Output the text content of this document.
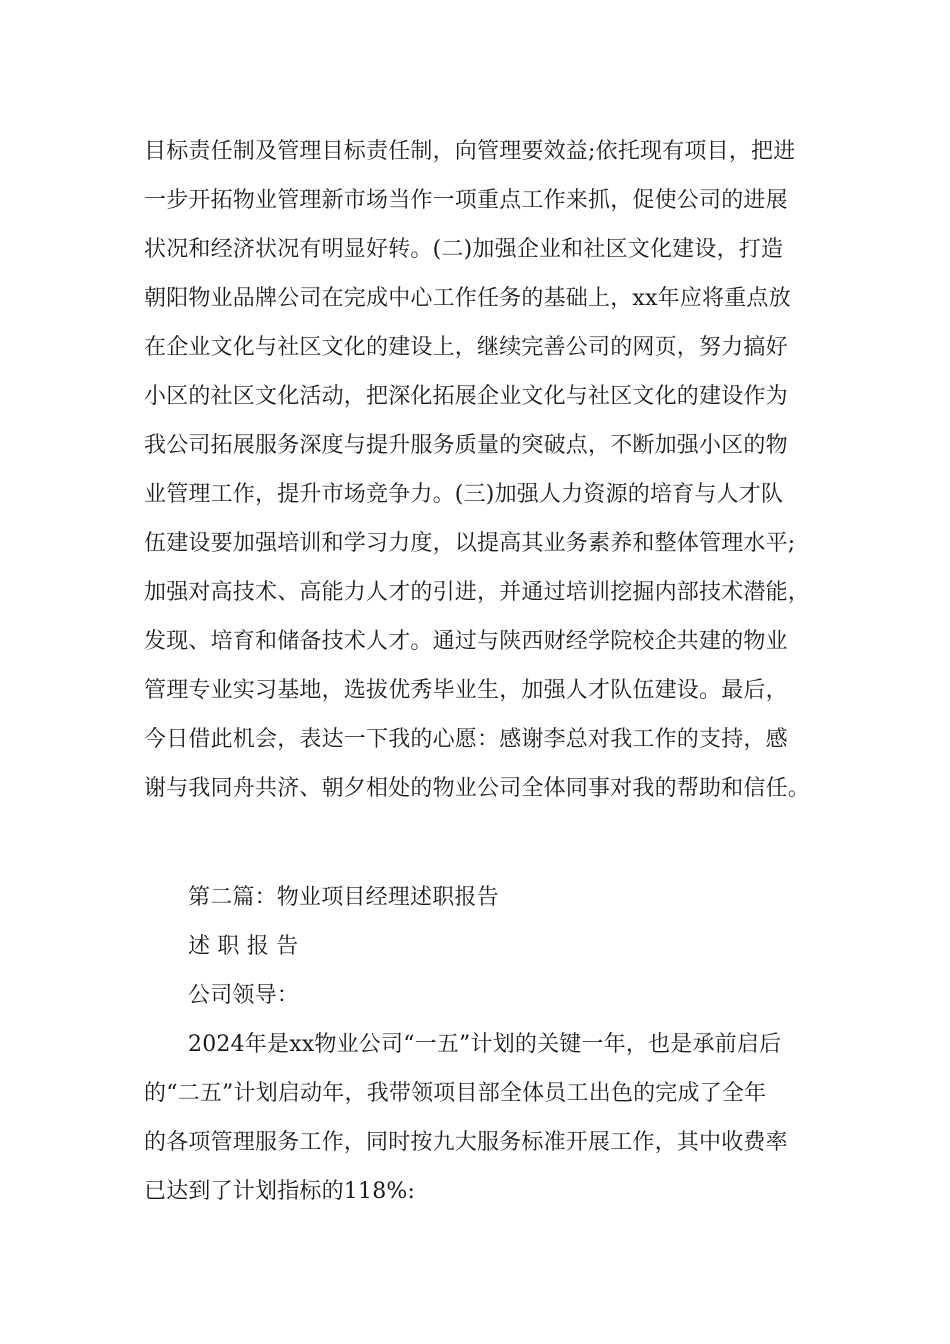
目标责任制及管理目标责任制，向管理要效益;依托现有项目，把进
一步开拓物业管理新市场当作一项重点工作来抓，促使公司的进展
状况和经济状况有明显好转。(二)加强企业和社区文化建设，打造
朝阳物业品牌公司在完成中心工作任务的基础上，xx年应将重点放
在企业文化与社区文化的建设上，继续完善公司的网页，努力搞好
小区的社区文化活动，把深化拓展企业文化与社区文化的建设作为
我公司拓展服务深度与提升服务质量的突破点，不断加强小区的物
业管理工作，提升市场竞争力。(三)加强人力资源的培育与人才队
伍建设要加强培训和学习力度，以提高其业务素养和整体管理水平;
加强对高技术、高能力人才的引进，并通过培训挖掘内部技术潜能，
发现、培育和储备技术人才。通过与陕西财经学院校企共建的物业
管理专业实习基地，选拔优秀毕业生，加强人才队伍建设。最后，
今日借此机会，表达一下我的心愿：感谢李总对我工作的支持，感
谢与我同舟共济、朝夕相处的物业公司全体同事对我的帮助和信任。
第二篇：物业项目经理述职报告
述 职 报 告
公司领导：
2024年是xx物业公司“一五”计划的关键一年，也是承前启后
的“二五”计划启动年，我带领项目部全体员工出色的完成了全年
的各项管理服务工作，同时按九大服务标准开展工作，其中收费率
已达到了计划指标的118%:
